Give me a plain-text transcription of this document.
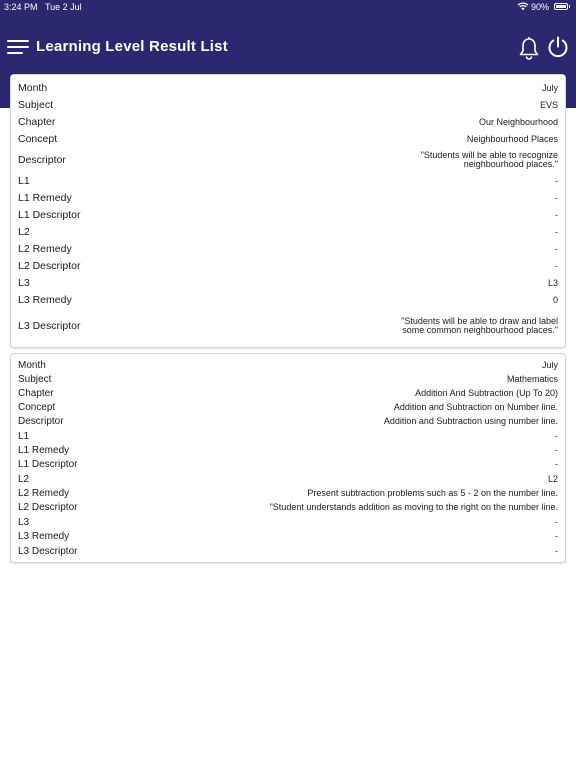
3:24 PM Tue 2 Jul	90%
Learning Level Result List
Month	July
Subject	EVS
Chapter	Our Neighbourhood
Concept	Neighbourhood Places
Descriptor	"Students will be able to recognize neighbourhood places."
L1	-
L1 Remedy	-
L1 Descriptor	-
L2	-
L2 Remedy	-
L2 Descriptor	-
L3	L3
L3 Remedy	0
L3 Descriptor	"Students will be able to draw and label some common neighbourhood places."
Month	July
Subject	Mathematics
Chapter	Addition And Subtraction (Up To 20)
Concept	Addition and Subtraction on Number line.
Descriptor	Addition and Subtraction using number line.
L1	-
L1 Remedy	-
L1 Descriptor	-
L2	L2
L2 Remedy	Present subtraction problems such as 5 - 2 on the number line.
L2 Descriptor	"Student understands addition as moving to the right on the number line.
L3	-
L3 Remedy	-
L3 Descriptor	-
